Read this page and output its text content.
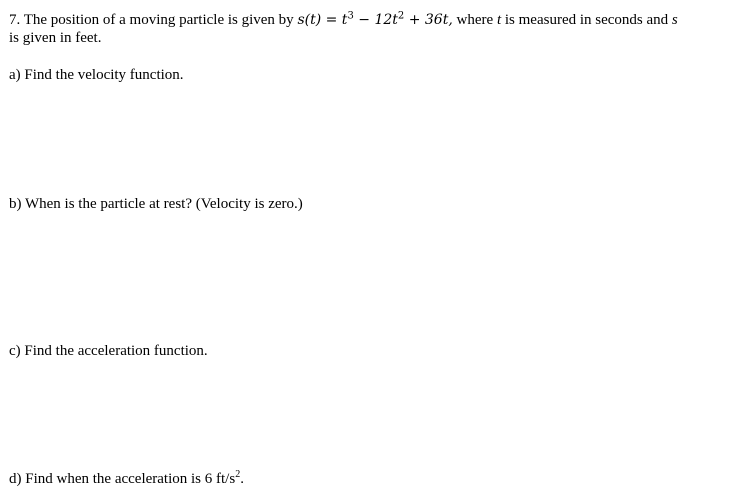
7. The position of a moving particle is given by $s(t) = t^3 - 12t^2 + 36t$, where t is measured in seconds and s
is given in feet.
a) Find the velocity function.
b) When is the particle at rest? (Velocity is zero.)
c) Find the acceleration function.
d) Find when the acceleration is 6 $ft/s^2$.
